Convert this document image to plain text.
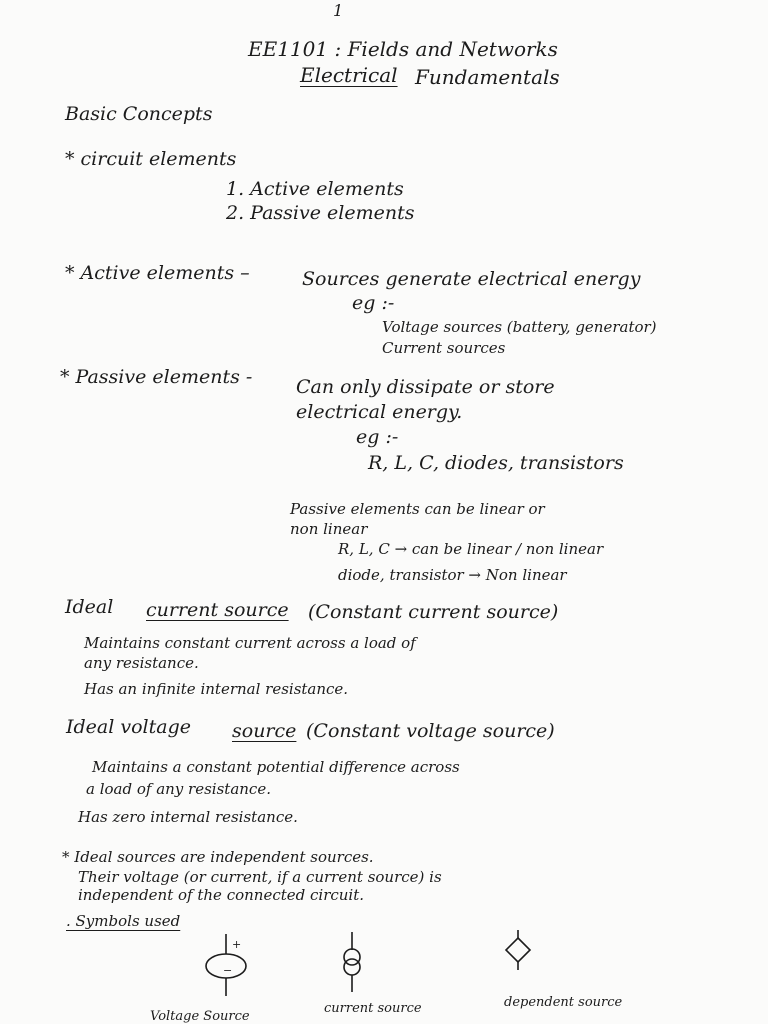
1
EE1101 : Fields and Networks
Electrical Fundamentals
Basic Concepts
* circuit elements
1. Active elements
2. Passive elements
* Active elements –	Sources generate electrical energy
eg :-
Voltage sources (battery, generator)
Current sources
* Passive elements - Can only dissipate or store
electrical energy.
eg :-
R, L, C, diodes, transistors
Passive elements can be linear or
non linear
R, L, C → can be linear / non linear
diode, transistor → Non linear
Ideal current source (Constant current source)
Maintains constant current across a load of
any resistance.
Has an infinite internal resistance.
Ideal voltage source (Constant voltage source)
Maintains a constant potential difference across
a load of any resistance.
Has zero internal resistance.
* Ideal sources are independent sources.
Their voltage (or current, if a current source) is
independent of the connected circuit.
. Symbols used
+
−
Voltage Source
current source	dependent source
